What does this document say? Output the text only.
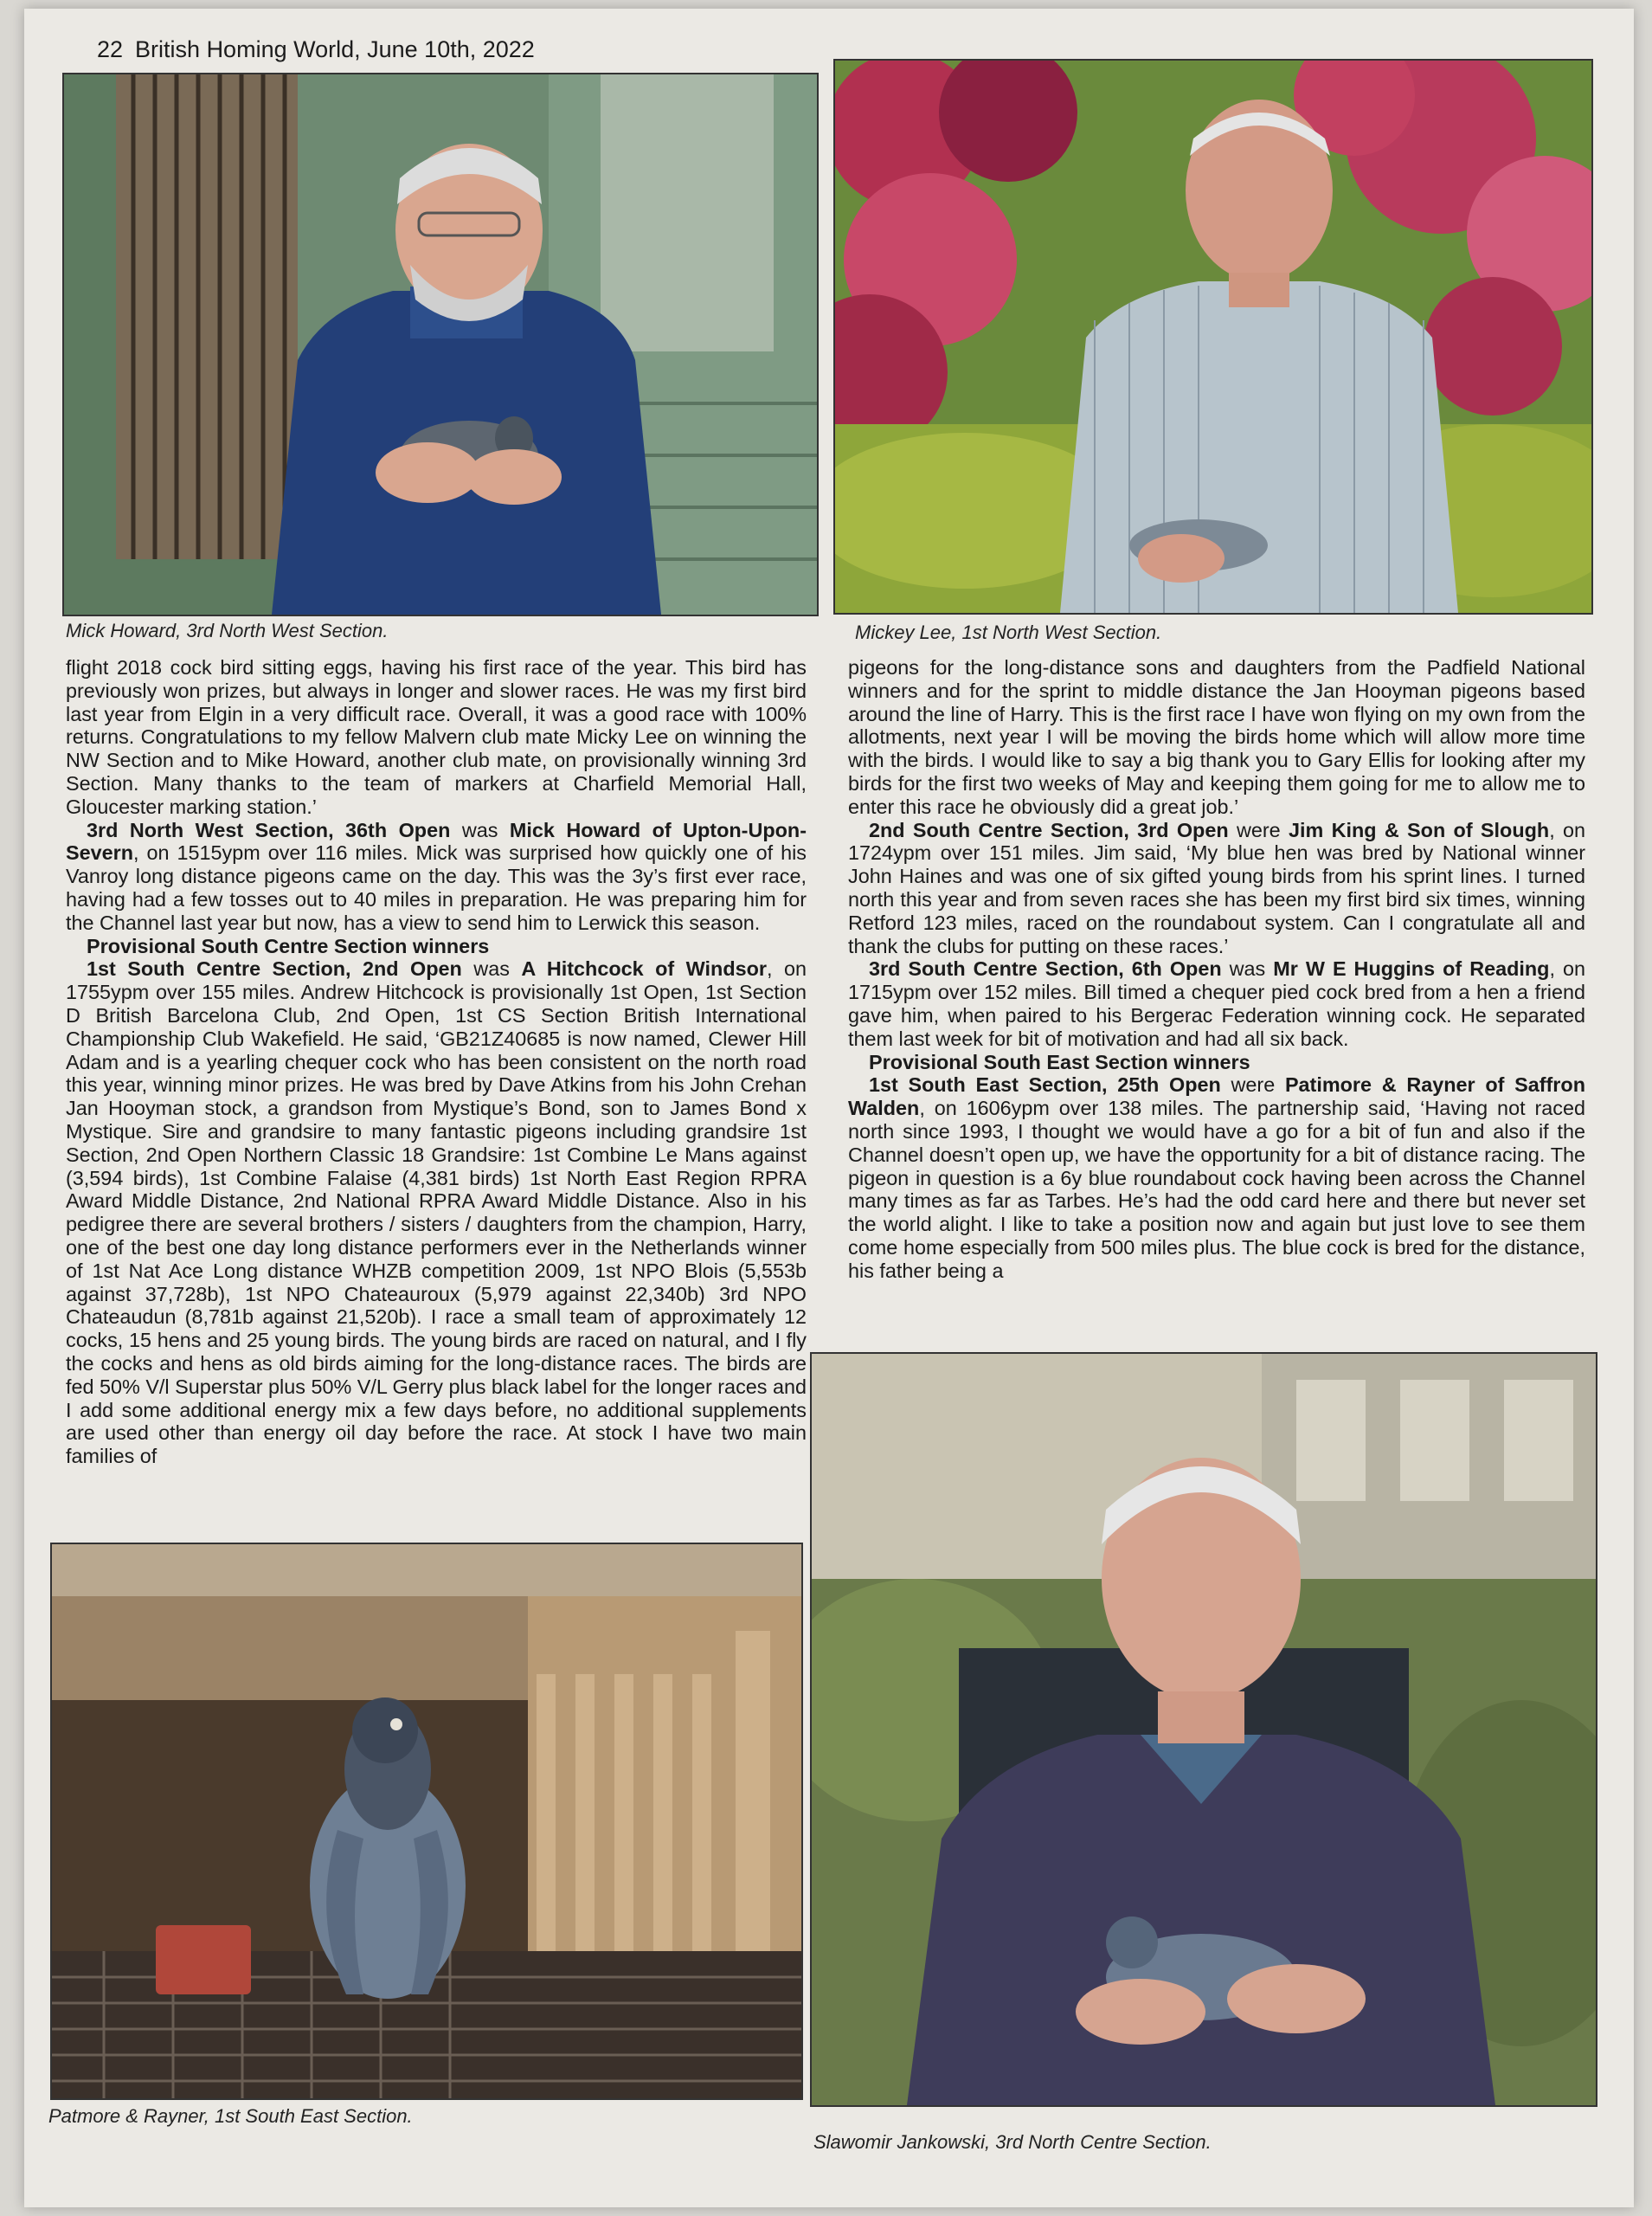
22 British Homing World, June 10th, 2022
Mick Howard, 3rd North West Section.	Mickey Lee, 1st North West Section.

flight 2018 cock bird sitting eggs, having his first race of the year. This bird has previously won prizes, but always in longer and slower races. He was my first bird last year from Elgin in a very difficult race. Overall, it was a good race with 100% returns. Congratulations to my fellow Malvern club mate Micky Lee on winning the NW Section and to Mike Howard, another club mate, on provisionally winning 3rd Section. Many thanks to the team of markers at Charfield Memorial Hall, Gloucester marking station.’

3rd North West Section, 36th Open was Mick Howard of Upton-Upon-Severn, on 1515ypm over 116 miles. Mick was surprised how quickly one of his Vanroy long distance pigeons came on the day. This was the 3y’s first ever race, having had a few tosses out to 40 miles in preparation. He was preparing him for the Channel last year but now, has a view to send him to Lerwick this season.

Provisional South Centre Section winners

1st South Centre Section, 2nd Open was A Hitchcock of Windsor, on 1755ypm over 155 miles. Andrew Hitchcock is provisionally 1st Open, 1st Section D British Barcelona Club, 2nd Open, 1st CS Section British International Championship Club Wakefield. He said, ‘GB21Z40685 is now named, Clewer Hill Adam and is a yearling chequer cock who has been consistent on the north road this year, winning minor prizes. He was bred by Dave Atkins from his John Crehan Jan Hooyman stock, a grandson from Mystique’s Bond, son to James Bond x Mystique. Sire and grandsire to many fantastic pigeons including grandsire 1st Section, 2nd Open Northern Classic 18 Grandsire: 1st Combine Le Mans against (3,594 birds), 1st Combine Falaise (4,381 birds) 1st North East Region RPRA Award Middle Distance, 2nd National RPRA Award Middle Distance. Also in his pedigree there are several brothers / sisters / daughters from the champion, Harry, one of the best one day long distance performers ever in the Netherlands winner of 1st Nat Ace Long distance WHZB competition 2009, 1st NPO Blois (5,553b against 37,728b), 1st NPO Chateauroux (5,979 against 22,340b) 3rd NPO Chateaudun (8,781b against 21,520b). I race a small team of approximately 12 cocks, 15 hens and 25 young birds. The young birds are raced on natural, and I fly the cocks and hens as old birds aiming for the long-distance races. The birds are fed 50% V/l Superstar plus 50% V/L Gerry plus black label for the longer races and I add some additional energy mix a few days before, no additional supplements are used other than energy oil day before the race. At stock I have two main families of

pigeons for the long-distance sons and daughters from the Padfield National winners and for the sprint to middle distance the Jan Hooyman pigeons based around the line of Harry. This is the first race I have won flying on my own from the allotments, next year I will be moving the birds home which will allow more time with the birds. I would like to say a big thank you to Gary Ellis for looking after my birds for the first two weeks of May and keeping them going for me to allow me to enter this race he obviously did a great job.’

2nd South Centre Section, 3rd Open were Jim King & Son of Slough, on 1724ypm over 151 miles. Jim said, ‘My blue hen was bred by National winner John Haines and was one of six gifted young birds from his sprint lines. I turned north this year and from seven races she has been my first bird six times, winning Retford 123 miles, raced on the roundabout system. Can I congratulate all and thank the clubs for putting on these races.’

3rd South Centre Section, 6th Open was Mr W E Huggins of Reading, on 1715ypm over 152 miles. Bill timed a chequer pied cock bred from a hen a friend gave him, when paired to his Bergerac Federation winning cock. He separated them last week for bit of motivation and had all six back.

Provisional South East Section winners

1st South East Section, 25th Open were Patimore & Rayner of Saffron Walden, on 1606ypm over 138 miles. The partnership said, ‘Having not raced north since 1993, I thought we would have a go for a bit of fun and also if the Channel doesn’t open up, we have the opportunity for a bit of distance racing. The pigeon in question is a 6y blue roundabout cock having been across the Channel many times as far as Tarbes. He’s had the odd card here and there but never set the world alight. I like to take a position now and again but just love to see them come home especially from 500 miles plus. The blue cock is bred for the distance, his father being a

Patmore & Rayner, 1st South East Section.
Slawomir Jankowski, 3rd North Centre Section.
